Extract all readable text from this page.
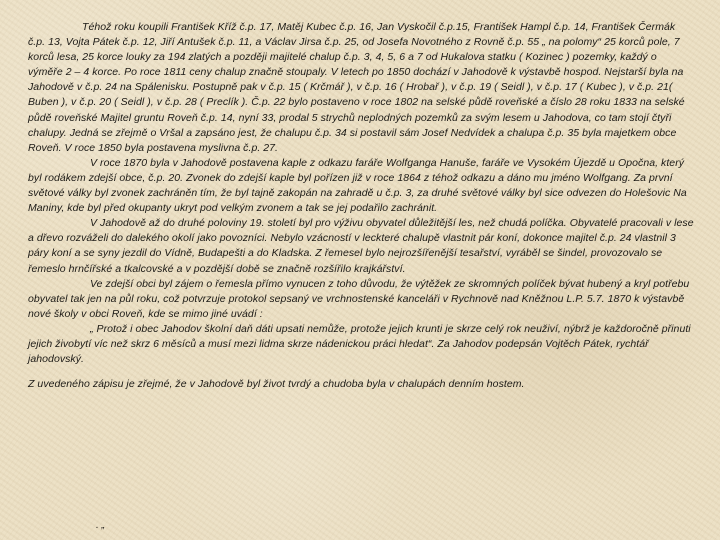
Téhož roku koupili František Kříž č.p. 17, Matěj Kubec č.p. 16, Jan Vyskočil č.p.15, František Hampl č.p. 14, František Čermák č.p. 13, Vojta Pátek č.p. 12, Jiří Antušek č.p. 11, a Václav Jirsa č.p. 25, od Josefa Novotného z Rovně č.p. 55 „ na polomy“ 25 korců pole, 7 korců lesa, 25 korce louky za 194 zlatých a později majitelé chalup č.p. 3, 4, 5, 6 a 7 od Hukalova statku ( Kozinec ) pozemky, každý o výměře 2 – 4 korce. Po roce 1811 ceny chalup značně stoupaly. V letech po 1850 dochází v Jahodově k výstavbě hospod. Nejstarší byla na Jahodově v č.p. 24 na Spálenisku. Postupně pak v č.p. 15 ( Krčmář ), v č.p. 16 ( Hrobař ), v č.p. 19 ( Seidl ), v č.p. 17 ( Kubec ), v č.p. 21( Buben ), v č.p. 20 ( Seidl ), v č.p. 28 ( Preclík ). Č.p. 22 bylo postaveno v roce 1802 na selské půdě roveňské a číslo 28 roku 1833 na selské půdě roveňské Majitel gruntu Roveň č.p. 14, nyní 33, prodal 5 strychů neplodných pozemků za svým lesem u Jahodova, co tam stojí čtyři chalupy. Jedná se zřejmě o Vršal a zapsáno jest, že chalupu č.p. 34 si postavil sám Josef Nedvídek a chalupa č.p. 35 byla majetkem obce Roveň. V roce 1850 byla postavena myslivna č.p. 27.

V roce 1870 byla v Jahodově postavena kaple z odkazu faráře Wolfganga Hanuše, faráře ve Vysokém Újezdě u Opočna, který byl rodákem zdejší obce, č.p. 20. Zvonek do zdejší kaple byl pořízen již v roce 1864 z téhož odkazu a dáno mu jméno Wolfgang. Za první světové války byl zvonek zachráněn tím, že byl tajně zakopán na zahradě u č.p. 3, za druhé světové války byl sice odvezen do Holešovic Na Maniny, kde byl před okupanty ukryt pod velkým zvonem a tak se jej podařilo zachránit.

V Jahodově až do druhé poloviny 19. století byl pro výživu obyvatel důležitější les, než chudá políčka. Obyvatelé pracovali v lese a dřevo rozváželi do dalekého okolí jako povozníci. Nebylo vzácností v leckteré chalupě vlastnit pár koní, dokonce majitel č.p. 24 vlastnil 3 páry koní a se syny jezdil do Vídně, Budapešti a do Kladska. Z řemesel bylo nejrozšířenější tesařství, vyráběl se šindel, provozovalo se řemeslo hrnčířské a tkalcovské a v pozdější době se značně rozšířilo krajkářství.

Ve zdejší obci byl zájem o řemesla přímo vynucen z toho důvodu, že výtěžek ze skromných políček bývat hubený a kryl potřebu obyvatel tak jen na půl roku, což potvrzuje protokol sepsaný ve vrchnostenské kanceláři v Rychnově nad Kněžnou L.P. 5.7. 1870 k výstavbě nové školy v obci Roveň, kde se mimo jiné uvádí :

„ Protož i obec Jahodov školní daň dáti upsati nemůže, protože jejich krunti je skrze celý rok neuživí, nýbrž je každoročně přinuti jejich živobytí víc než skrz 6 měsíců a musí mezi lidma skrze nádenickou práci hledat“. Za Jahodov podepsán Vojtěch Pátek, rychtář jahodovský.

Z uvedeného zápisu je zřejmé, že v Jahodově byl život tvrdý a chudoba byla v chalupách denním hostem.

. „
